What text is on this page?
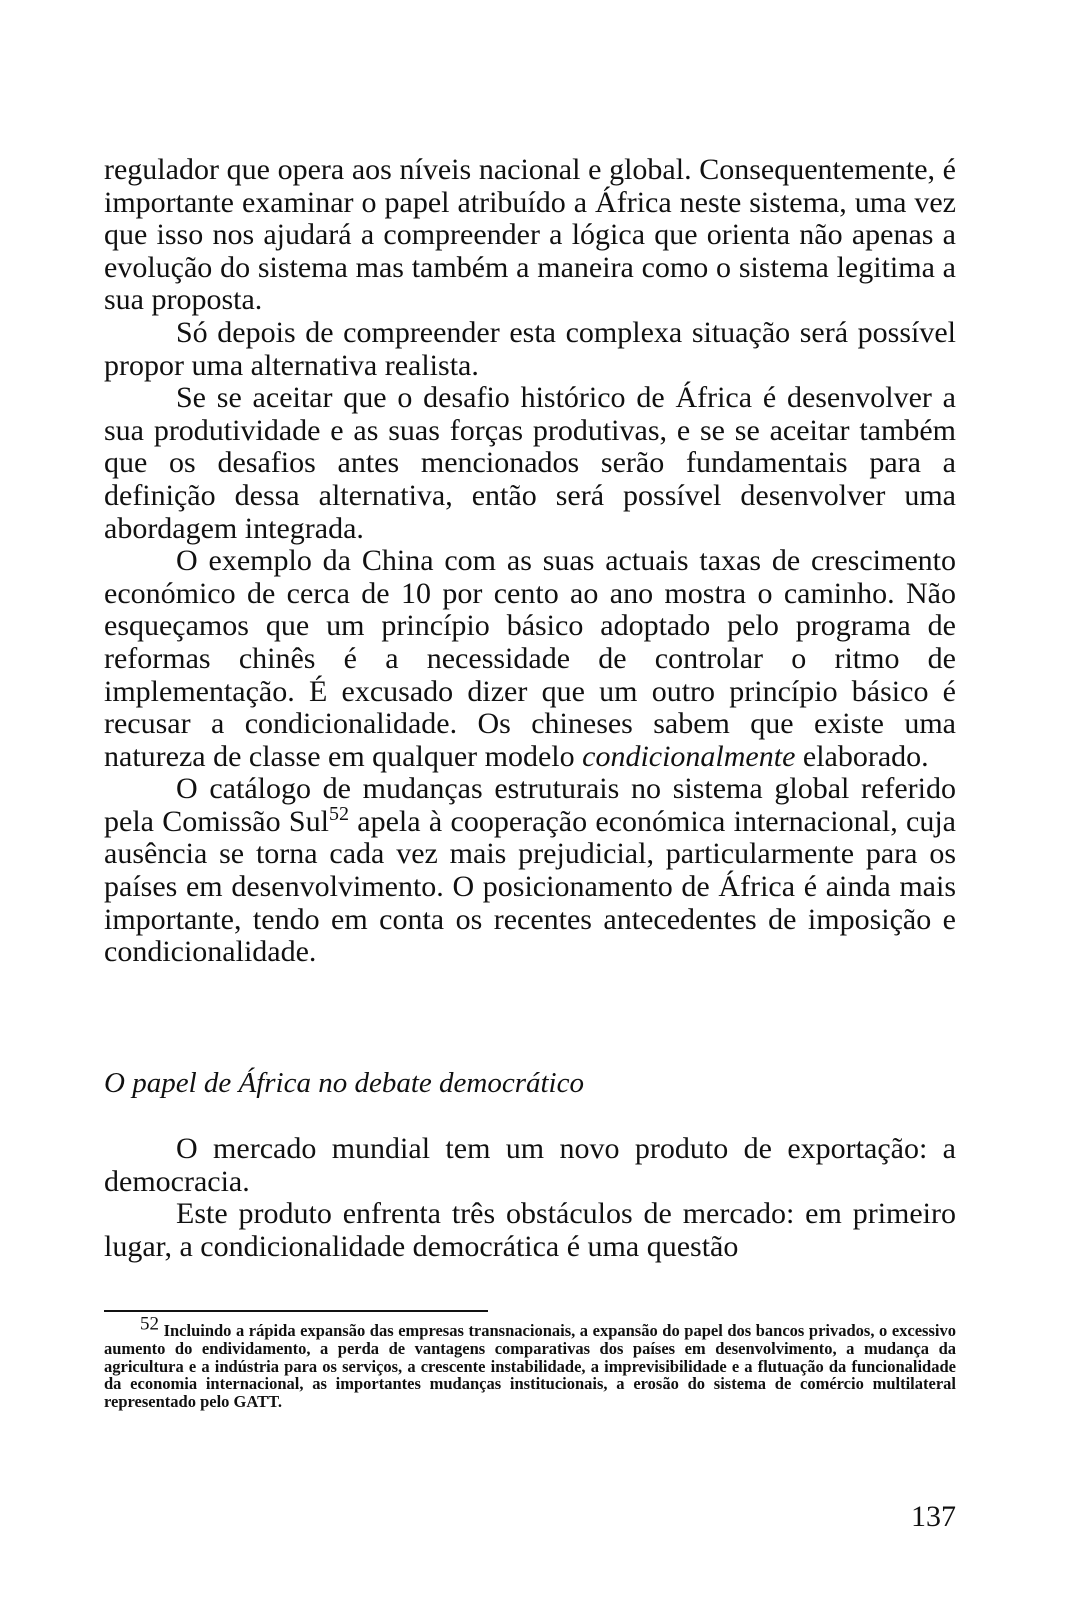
regulador que opera aos níveis nacional e global. Consequentemente, é importante examinar o papel atribuído a África neste sistema, uma vez que isso nos ajudará a compreender a lógica que orienta não apenas a evolução do sistema mas também a maneira como o sistema legitima a sua proposta.

Só depois de compreender esta complexa situação será possível propor uma alternativa realista.

Se se aceitar que o desafio histórico de África é desenvolver a sua produtividade e as suas forças produtivas, e se se aceitar também que os desafios antes mencionados serão fundamentais para a definição dessa alternativa, então será possível desenvolver uma abordagem integrada.

O exemplo da China com as suas actuais taxas de crescimento económico de cerca de 10 por cento ao ano mostra o caminho. Não esqueçamos que um princípio básico adoptado pelo programa de reformas chinês é a necessidade de controlar o ritmo de implementação. É excusado dizer que um outro princípio básico é recusar a condicionalidade. Os chineses sabem que existe uma natureza de classe em qualquer modelo condicionalmente elaborado.

O catálogo de mudanças estruturais no sistema global referido pela Comissão Sul$^{52}$ apela à cooperação económica internacional, cuja ausência se torna cada vez mais prejudicial, particularmente para os países em desenvolvimento. O posicionamento de África é ainda mais importante, tendo em conta os recentes antecedentes de imposição e condicionalidade.

O papel de África no debate democrático

O mercado mundial tem um novo produto de exportação: a democracia.

Este produto enfrenta três obstáculos de mercado: em primeiro lugar, a condicionalidade democrática é uma questão

$^{52}$ Incluindo a rápida expansão das empresas transnacionais, a expansão do papel dos bancos privados, o excessivo aumento do endividamento, a perda de vantagens comparativas dos países em desenvolvimento, a mudança da agricultura e a indústria para os serviços, a crescente instabilidade, a imprevisibilidade e a flutuação da funcionalidade da economia internacional, as importantes mudanças institucionais, a erosão do sistema de comércio multilateral representado pelo GATT.
137
